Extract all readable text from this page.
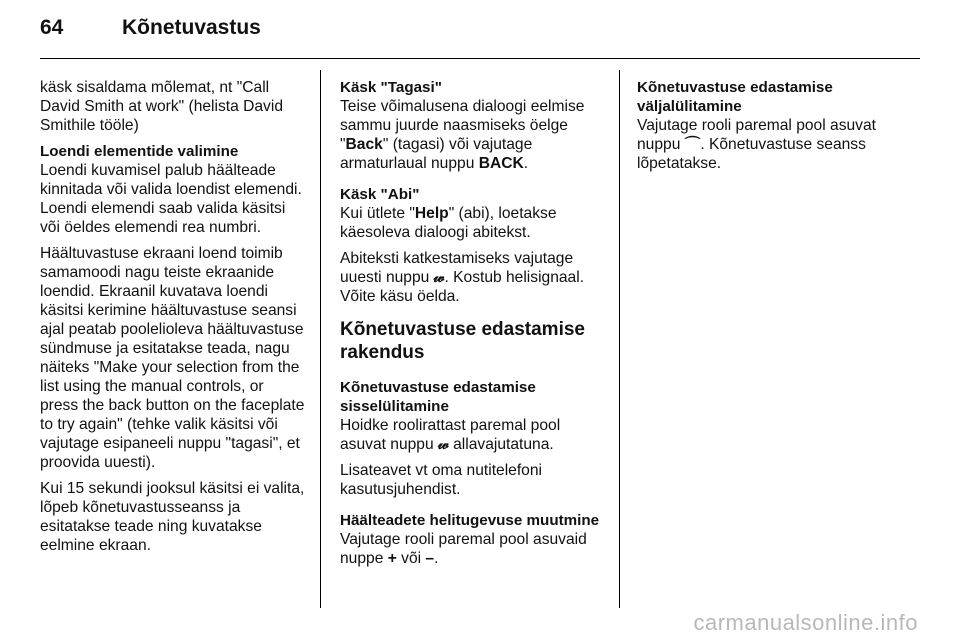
64	Kõnetuvastus

käsk sisaldama mõlemat, nt "Call David Smith at work" (helista David Smithile tööle)

Loendi elementide valimine

Loendi kuvamisel palub häälteade kinnitada või valida loendist elemendi. Loendi elemendi saab valida käsitsi või öeldes elemendi rea numbri.

Häältuvastuse ekraani loend toimib samamoodi nagu teiste ekraanide loendid. Ekraanil kuvatava loendi käsitsi kerimine häältuvastuse seansi ajal peatab poolelioleva häältuvastuse sündmuse ja esitatakse teada, nagu näiteks "Make your selection from the list using the manual controls, or press the back button on the faceplate to try again" (tehke valik käsitsi või vajutage esipaneeli nuppu "tagasi", et proovida uuesti).

Kui 15 sekundi jooksul käsitsi ei valita, lõpeb kõnetuvastusseanss ja esitatakse teade ning kuvatakse eelmine ekraan.

Käsk "Tagasi"

Teise võimalusena dialoogi eelmise sammu juurde naasmiseks öelge "Back" (tagasi) või vajutage armaturlaual nuppu BACK.

Käsk "Abi"

Kui ütlete "Help" (abi), loetakse käesoleva dialoogi abitekst.

Abiteksti katkestamiseks vajutage uuesti nuppu 𝓌. Kostub helisignaal. Võite käsu öelda.

Kõnetuvastuse edastamise rakendus
Kõnetuvastuse edastamise sisselülitamine

Hoidke roolirattast paremal pool asuvat nuppu 𝓌 allavajutatuna.

Lisateavet vt oma nutitelefoni kasutusjuhendist.

Häälteadete helitugevuse muutmine

Vajutage rooli paremal pool asuvaid nuppe + või –.

Kõnetuvastuse edastamise väljalülitamine

Vajutage rooli paremal pool asuvat nuppu ⌒. Kõnetuvastuse seanss lõpetatakse.

carmanualsonline.info
